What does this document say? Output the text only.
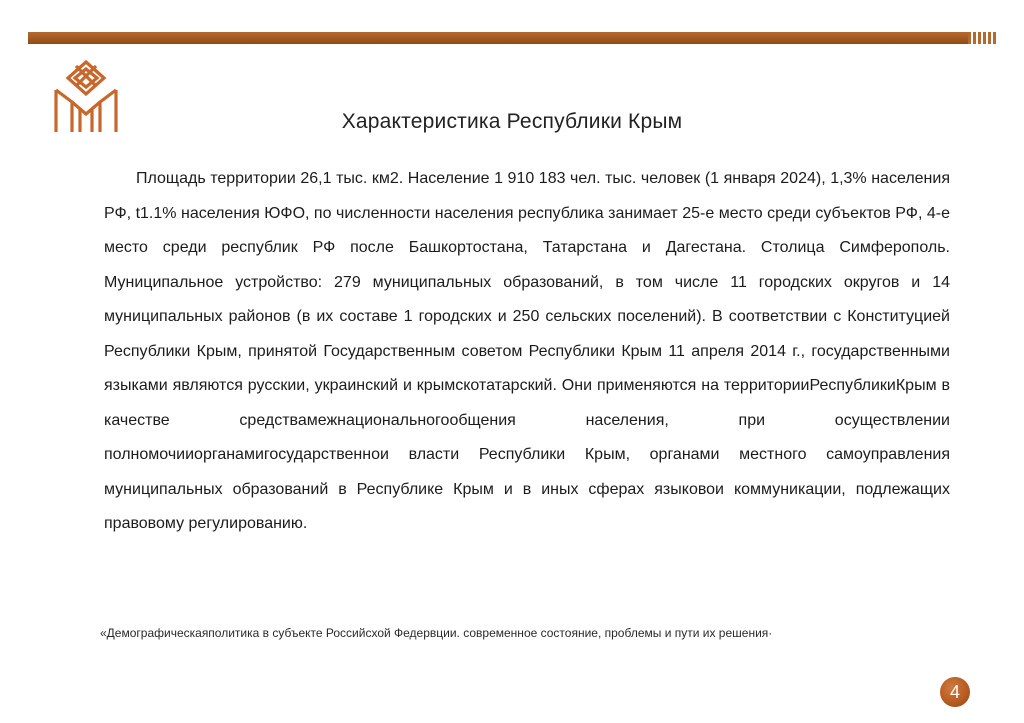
Характеристика Республики Крым

Площадь территории 26,1 тыс. км2. Население 1 910 183 чел. тыс. человек (1 января 2024), 1,3% населения РФ, t1.1% населения ЮФО, по численности населения республика занимает 25-е место среди субъектов РФ, 4-е место среди республик РФ после Башкортостана, Татарстана и Дагестана. Столица Симферополь. Муниципальное устройство: 279 муниципальных образований, в том числе 11 городских округов и 14 муниципальных районов (в их составе 1 городских и 250 сельских поселений). В соответствии с Конституцией Республики Крым, принятой Государственным советом Республики Крым 11 апреля 2014 г., государственными языками являются русскии, украинский и крымскотатарский. Они применяются на территорииРеспубликиКрым в качестве средствамежнациональногообщения населения, при осуществлении полномочииорганамигосударственнои власти Республики Крым, органами местного самоуправления муниципальных образований в Республике Крым и в иных сферах языковои коммуникации, подлежащих правовому регулированию.

«Демографическаяполитика в субъекте Российсхой Федервции. современное состояние, проблемы и пути их решения·
4
